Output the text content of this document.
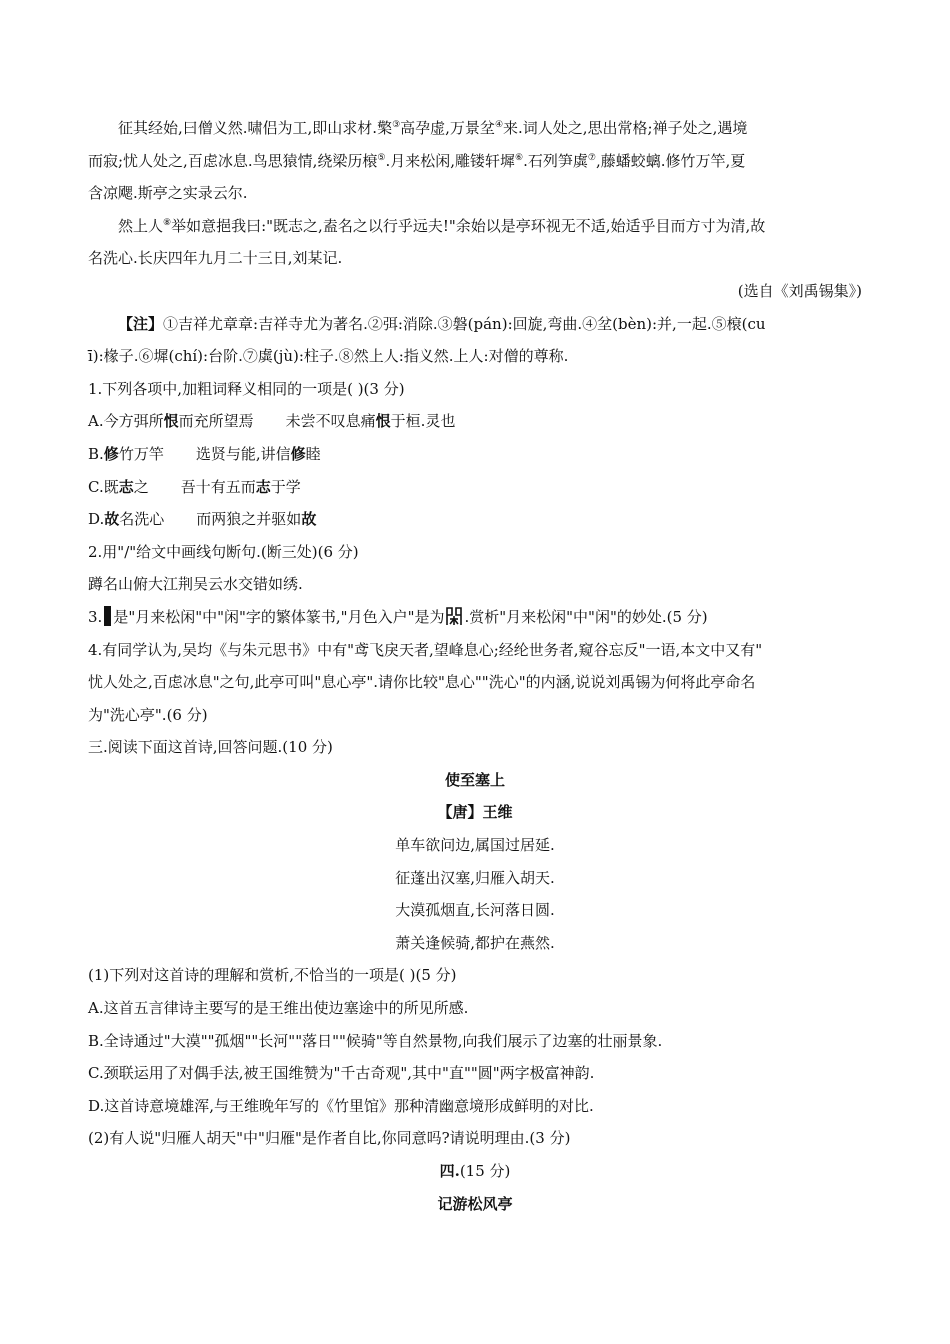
征其经始,曰僧义然.啸侣为工,即山求材.檠③高孕虚,万景坌④来.词人处之,思出常格;禅子处之,遇境
而寂;忧人处之,百虑冰息.鸟思猿情,绕梁历榱⑤.月来松闲,雕镂轩墀⑥.石列笋虡⑦,藤蟠蛟螭.修竹万竿,夏
含凉飔.斯亭之实录云尔.
然上人⑧举如意挹我曰:"既志之,盍名之以行乎远夫!"余始以是亭环视无不适,始适乎目而方寸为清,故
名洗心.长庆四年九月二十三日,刘某记.
(选自《刘禹锡集》)
【注】①吉祥尤章章:吉祥寺尤为著名.②弭:消除.③磐(pán):回旋,弯曲.④坌(bèn):并,一起.⑤榱(cu
ī):椽子.⑥墀(chí):台阶.⑦虡(jù):柱子.⑧然上人:指义然.上人:对僧的尊称.
1.下列各项中,加粗词释义相同的一项是( )(3 分)
A.今方弭所恨而充所望焉 未尝不叹息痛恨于桓.灵也
B.修竹万竿 选贤与能,讲信修睦
C.既志之 吾十有五而志于学
D.故名洗心 而两狼之并驱如故
2.用"/"给文中画线句断句.(断三处)(6 分)
蹲名山俯大江荆吴云水交错如绣.
3. 是"月来松闲"中"闲"字的繁体篆书,"月色入户"是为 .赏析"月来松闲"中"闲"的妙处.(5 分)
4.有同学认为,吴均《与朱元思书》中有"鸢飞戾天者,望峰息心;经纶世务者,窥谷忘反"一语,本文中又有"
忧人处之,百虑冰息"之句,此亭可叫"息心亭".请你比较"息心""洗心"的内涵,说说刘禹锡为何将此亭命名
为"洗心亭".(6 分)
三.阅读下面这首诗,回答问题.(10 分)
使至塞上
【唐】王维
单车欲问边,属国过居延.
征蓬出汉塞,归雁入胡天.
大漠孤烟直,长河落日圆.
萧关逢候骑,都护在燕然.
(1)下列对这首诗的理解和赏析,不恰当的一项是( )(5 分)
A.这首五言律诗主要写的是王维出使边塞途中的所见所感.
B.全诗通过"大漠""孤烟""长河""落日""候骑"等自然景物,向我们展示了边塞的壮丽景象.
C.颈联运用了对偶手法,被王国维赞为"千古奇观",其中"直""圆"两字极富神韵.
D.这首诗意境雄浑,与王维晚年写的《竹里馆》那种清幽意境形成鲜明的对比.
(2)有人说"归雁人胡天"中"归雁"是作者自比,你同意吗?请说明理由.(3 分)
四.(15 分)
记游松风亭
